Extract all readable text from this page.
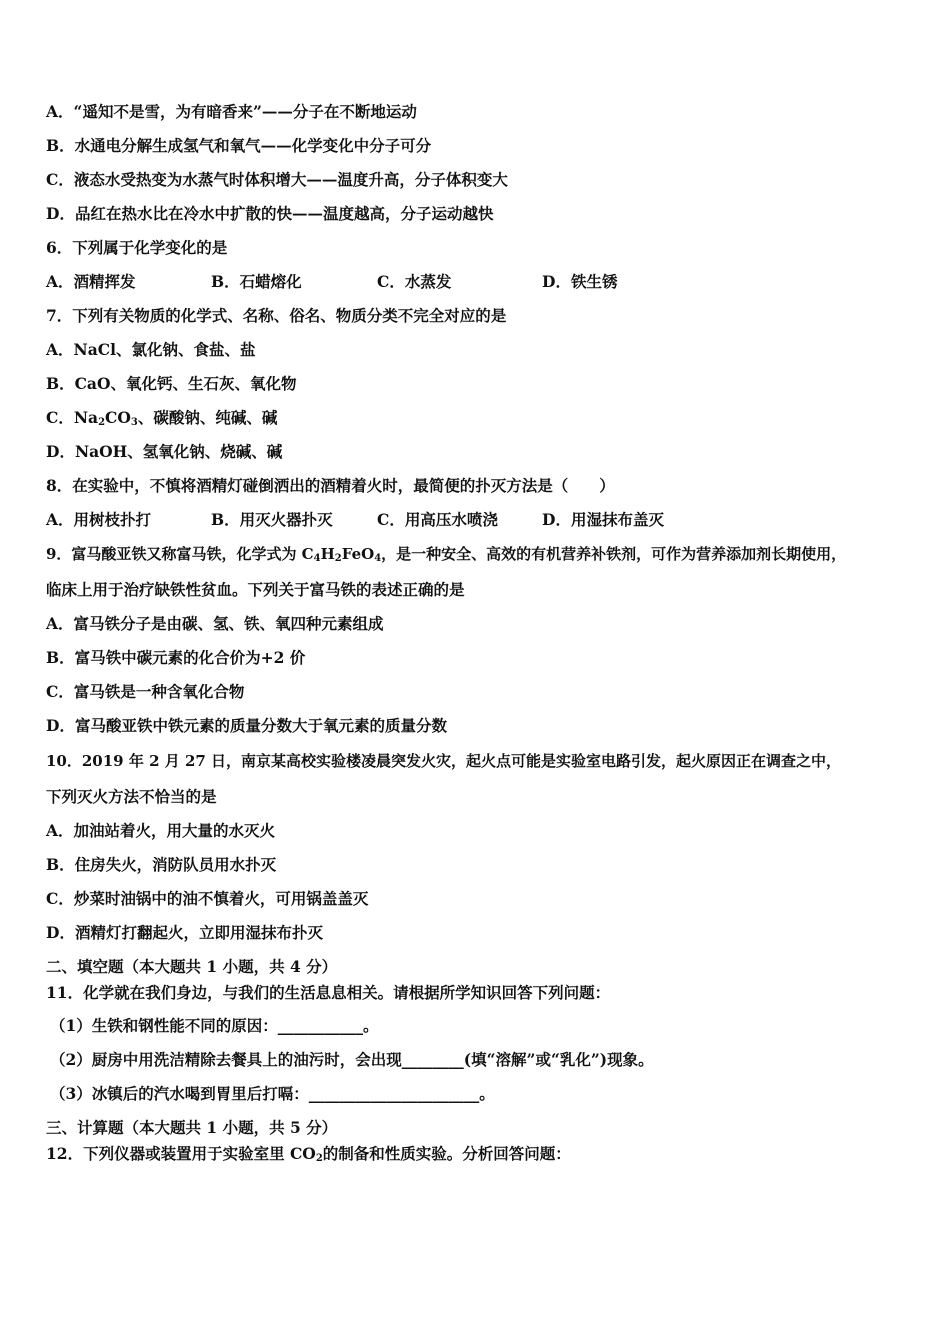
A．“遥知不是雪，为有暗香来”——分子在不断地运动
B．水通电分解生成氢气和氧气——化学变化中分子可分
C．液态水受热变为水蒸气时体积增大——温度升高，分子体积变大
D．品红在热水比在冷水中扩散的快——温度越高，分子运动越快
6．下列属于化学变化的是
A．酒精挥发	B．石蜡熔化	C．水蒸发	D．铁生锈
7．下列有关物质的化学式、名称、俗名、物质分类不完全对应的是
A．NaCl、氯化钠、食盐、盐
B．CaO、氧化钙、生石灰、氧化物
C．$Na_2CO_3$、碳酸钠、纯碱、碱
D．NaOH、氢氧化钠、烧碱、碱
8．在实验中，不慎将酒精灯碰倒洒出的酒精着火时，最简便的扑灭方法是（　　）
A．用树枝扑打	B．用灭火器扑灭	C．用高压水喷浇	D．用湿抹布盖灭
9．富马酸亚铁又称富马铁，化学式为 $C_4H_2FeO_4$，是一种安全、高效的有机营养补铁剂，可作为营养添加剂长期使用，
临床上用于治疗缺铁性贫血。下列关于富马铁的表述正确的是
A．富马铁分子是由碳、氢、铁、氧四种元素组成
B．富马铁中碳元素的化合价为+2 价
C．富马铁是一种含氧化合物
D．富马酸亚铁中铁元素的质量分数大于氧元素的质量分数
10．2019 年 2 月 27 日，南京某高校实验楼凌晨突发火灾，起火点可能是实验室电路引发，起火原因正在调查之中，
下列灭火方法不恰当的是
A．加油站着火，用大量的水灭火
B．住房失火，消防队员用水扑灭
C．炒菜时油锅中的油不慎着火，可用锅盖盖灭
D．酒精灯打翻起火，立即用湿抹布扑灭
二、填空题（本大题共 1 小题，共 4 分）
11．化学就在我们身边，与我们的生活息息相关。请根据所学知识回答下列问题：
（1）生铁和钢性能不同的原因：___________。
（2）厨房中用洗洁精除去餐具上的油污时，会出现________(填“溶解”或“乳化”)现象。
（3）冰镇后的汽水喝到胃里后打嗝：______________________。
三、计算题（本大题共 1 小题，共 5 分）
12．下列仪器或装置用于实验室里 $CO_2$的制备和性质实验。分析回答问题：
